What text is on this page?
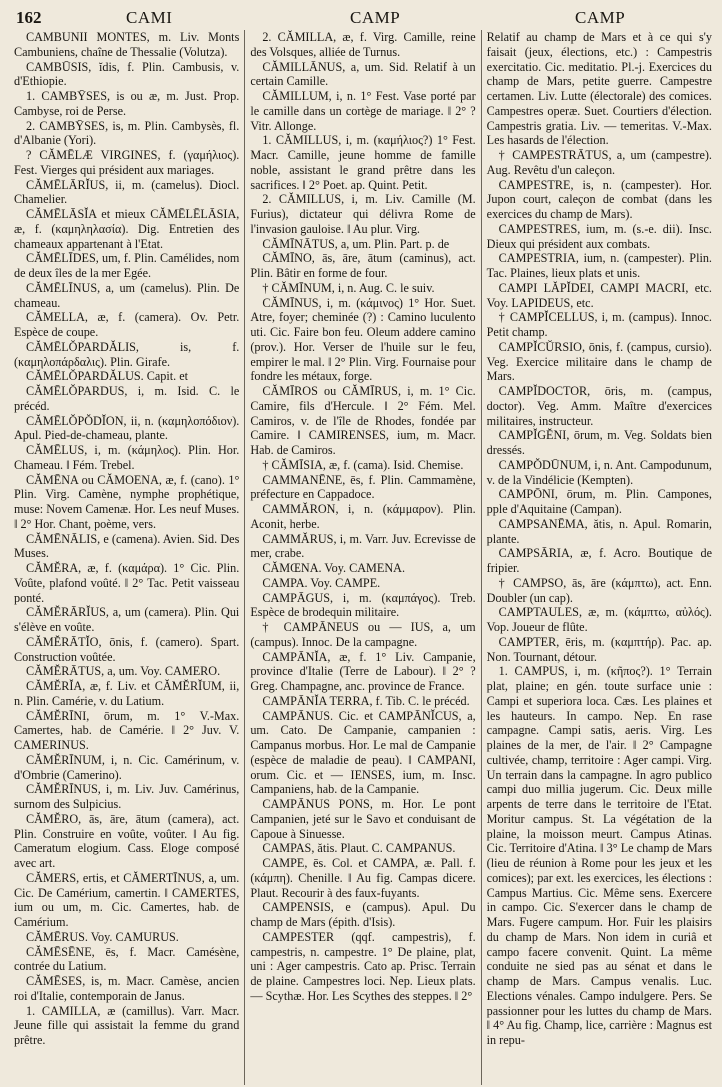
162	CAMI	CAMP	CAMP

CAMBUNII MONTES, m. Liv. Monts Cambuniens, chaîne de Thessalie (Volutza).

CAMBŪSIS, ĭdis, f. Plin. Cambusis, v. d'Ethiopie.

1. CAMBȲSES, is ou æ, m. Just. Prop. Cambyse, roi de Perse.

2. CAMBȲSES, is, m. Plin. Cambysès, fl. d'Albanie (Yori).

? CĂMĒLÆ VIRGINES, f. (γαμήλιος). Fest. Vierges qui président aux mariages.

CĂMĒLĀRĬUS, ii, m. (camelus). Diocl. Chamelier.

CĂMĒLĀSĬA et mieux CĂMĒLĒLĀSIA, æ, f. (καμηληλασία). Dig. Entretien des chameaux appartenant à l'Etat.

CĂMĒLĪDES, um, f. Plin. Camélides, nom de deux îles de la mer Egée.

CĂMĒLĪNUS, a, um (camelus). Plin. De chameau.

CĂMELLA, æ, f. (camera). Ov. Petr. Espèce de coupe.

CĂMĒLŎPARDĂLIS, is, f. (καμηλοπάρδαλις). Plin. Girafe.

CĂMĒLŎPARDĂLUS. Capit. et

CĂMĒLŎPARDUS, i, m. Isid. C. le précéd.

CĂMĒLŎPŎDĬON, ii, n. (καμηλοπόδιον). Apul. Pied-de-chameau, plante.

CĂMĒLUS, i, m. (κάμηλος). Plin. Hor. Chameau. ‖ Fém. Trebel.

CĂMĒNA ou CĂMOENA, æ, f. (cano). 1° Plin. Virg. Camène, nymphe prophétique, muse: Novem Camenæ. Hor. Les neuf Muses. ‖ 2° Hor. Chant, poème, vers.

CĂMĒNĀLIS, e (camena). Avien. Sid. Des Muses.

CĂMĔRA, æ, f. (καμάρα). 1° Cic. Plin. Voûte, plafond voûté. ‖ 2° Tac. Petit vaisseau ponté.

CĂMĔRĀRĬUS, a, um (camera). Plin. Qui s'élève en voûte.

CĂMĔRĀTĬO, ōnis, f. (camero). Spart. Construction voûtée.

CĂMĔRĀTUS, a, um. Voy. CAMERO.

CĂMĔRĬA, æ, f. Liv. et CĂMĔRĬUM, ii, n. Plin. Camérie, v. du Latium.

CĂMĔRĪNI, ōrum, m. 1° V.-Max. Camertes, hab. de Camérie. ‖ 2° Juv. V. CAMERINUS.

CĂMĔRĪNUM, i, n. Cic. Camérinum, v. d'Ombrie (Camerino).

CĂMĔRĪNUS, i, m. Liv. Juv. Camérinus, surnom des Sulpicius.

CĂMĔRO, ās, āre, ātum (camera), act. Plin. Construire en voûte, voûter. ‖ Au fig. Cameratum elogium. Cass. Eloge composé avec art.

CĂMERS, ertis, et CĂMERTĪNUS, a, um. Cic. De Camérium, camertin. ‖ CAMERTES, ium ou um, m. Cic. Camertes, hab. de Camérium.

CĂMĒRUS. Voy. CAMURUS.

CĂMĒSĒNE, ēs, f. Macr. Camésène, contrée du Latium.

CĂMĒSES, is, m. Macr. Camèse, ancien roi d'Italie, contemporain de Janus.

1. CAMILLA, æ (camillus). Varr. Macr. Jeune fille qui assistait la femme du grand prêtre.

2. CĂMILLA, æ, f. Virg. Camille, reine des Volsques, alliée de Turnus.

CĂMILLĀNUS, a, um. Sid. Relatif à un certain Camille.

CĂMILLUM, i, n. 1° Fest. Vase porté par le camille dans un cortège de mariage. ‖ 2° ? Vitr. Allonge.

1. CĂMILLUS, i, m. (καμήλιος?) 1° Fest. Macr. Camille, jeune homme de famille noble, assistant le grand prêtre dans les sacrifices. ‖ 2° Poet. ap. Quint. Petit.

2. CĂMILLUS, i, m. Liv. Camille (M. Furius), dictateur qui délivra Rome de l'invasion gauloise. ‖ Au plur. Virg.

CĂMĪNĀTUS, a, um. Plin. Part. p. de

CĂMĪNO, ās, āre, ātum (caminus), act. Plin. Bâtir en forme de four.

† CĂMĪNUM, i, n. Aug. C. le suiv.

CĂMĪNUS, i, m. (κάμινος) 1° Hor. Suet. Atre, foyer; cheminée (?) : Camino luculento uti. Cic. Faire bon feu. Oleum addere camino (prov.). Hor. Verser de l'huile sur le feu, empirer le mal. ‖ 2° Plin. Virg. Fournaise pour fondre les métaux, forge.

CĂMĪROS ou CĂMĪRUS, i, m. 1° Cic. Camire, fils d'Hercule. ‖ 2° Fém. Mel. Camiros, v. de l'île de Rhodes, fondée par Camire. ‖ CAMIRENSES, ium, m. Macr. Hab. de Camiros.

† CĂMĪSIA, æ, f. (cama). Isid. Chemise.

CAMMANĒNE, ēs, f. Plin. Cammamène, préfecture en Cappadoce.

CAMMĂRON, i, n. (κάμμαρον). Plin. Aconit, herbe.

CAMMĂRUS, i, m. Varr. Juv. Ecrevisse de mer, crabe.

CĂMŒNA. Voy. CAMENA.

CAMPA. Voy. CAMPE.

CAMPĀGUS, i, m. (καμπάγος). Treb. Espèce de brodequin militaire.

† CAMPĀNEUS ou — IUS, a, um (campus). Innoc. De la campagne.

CAMPĀNĬA, æ, f. 1° Liv. Campanie, province d'Italie (Terre de Labour). ‖ 2° ? Greg. Champagne, anc. province de France.

CAMPĀNĬA TERRA, f. Tib. C. le précéd.

CAMPĀNUS. Cic. et CAMPĀNĬCUS, a, um. Cato. De Campanie, campanien : Campanus morbus. Hor. Le mal de Campanie (espèce de maladie de peau). ‖ CAMPANI, orum. Cic. et — IENSES, ium, m. Insc. Campaniens, hab. de la Campanie.

CAMPĀNUS PONS, m. Hor. Le pont Campanien, jeté sur le Savo et conduisant de Capoue à Sinuesse.

CAMPAS, ătis. Plaut. C. CAMPANUS.

CAMPE, ēs. Col. et CAMPA, æ. Pall. f. (κάμπη). Chenille. ‖ Au fig. Campas dicere. Plaut. Recourir à des faux-fuyants.

CAMPENSIS, e (campus). Apul. Du champ de Mars (épith. d'Isis).

CAMPESTER (qqf. campestris), f. campestris, n. campestre. 1° De plaine, plat, uni : Ager campestris. Cato ap. Prisc. Terrain de plaine. Campestres loci. Nep. Lieux plats. — Scythæ. Hor. Les Scythes des steppes. ‖ 2°

Relatif au champ de Mars et à ce qui s'y faisait (jeux, élections, etc.) : Campestris exercitatio. Cic. meditatio. Pl.-j. Exercices du champ de Mars, petite guerre. Campestre certamen. Liv. Lutte (électorale) des comices. Campestres operæ. Suet. Courtiers d'élection. Campestris gratia. Liv. — temeritas. V.-Max. Les hasards de l'élection.

† CAMPESTRĀTUS, a, um (campestre). Aug. Revêtu d'un caleçon.

CAMPESTRE, is, n. (campester). Hor. Jupon court, caleçon de combat (dans les exercices du champ de Mars).

CAMPESTRES, ium, m. (s.-e. dii). Insc. Dieux qui président aux combats.

CAMPESTRIA, ium, n. (campester). Plin. Tac. Plaines, lieux plats et unis.

CAMPI LĂPĬDEI, CAMPI MACRI, etc. Voy. LAPIDEUS, etc.

† CAMPĬCELLUS, i, m. (campus). Innoc. Petit champ.

CAMPĬCŬRSIO, ōnis, f. (campus, cursio). Veg. Exercice militaire dans le champ de Mars.

CAMPĬDOCTOR, ōris, m. (campus, doctor). Veg. Amm. Maître d'exercices militaires, instructeur.

CAMPĬGĔNI, ōrum, m. Veg. Soldats bien dressés.

CAMPŎDŪNUM, i, n. Ant. Campodunum, v. de la Vindélicie (Kempten).

CAMPŌNI, ōrum, m. Plin. Campones, pple d'Aquitaine (Campan).

CAMPSANĒMA, ătis, n. Apul. Romarin, plante.

CAMPSĀRIA, æ, f. Acro. Boutique de fripier.

† CAMPSO, ās, āre (κάμπτω), act. Enn. Doubler (un cap).

CAMPTAULES, æ, m. (κάμπτω, αὐλός). Vop. Joueur de flûte.

CAMPTER, ēris, m. (καμπτήρ). Pac. ap. Non. Tournant, détour.

1. CAMPUS, i, m. (κῆπος?). 1° Terrain plat, plaine; en gén. toute surface unie : Campi et superiora loca. Cæs. Les plaines et les hauteurs. In campo. Nep. En rase campagne. Campi satis, aeris. Virg. Les plaines de la mer, de l'air. ‖ 2° Campagne cultivée, champ, territoire : Ager campi. Virg. Un terrain dans la campagne. In agro publico campi duo millia jugerum. Cic. Deux mille arpents de terre dans le territoire de l'Etat. Moritur campus. St. La végétation de la plaine, la moisson meurt. Campus Atinas. Cic. Territoire d'Atina. ‖ 3° Le champ de Mars (lieu de réunion à Rome pour les jeux et les comices); par ext. les exercices, les élections : Campus Martius. Cic. Même sens. Exercere in campo. Cic. S'exercer dans le champ de Mars. Fugere campum. Hor. Fuir les plaisirs du champ de Mars. Non idem in curiâ et campo facere convenit. Quint. La même conduite ne sied pas au sénat et dans le champ de Mars. Campus venalis. Luc. Elections vénales. Campo indulgere. Pers. Se passionner pour les luttes du champ de Mars. ‖ 4° Au fig. Champ, lice, carrière : Magnus est in repu-
